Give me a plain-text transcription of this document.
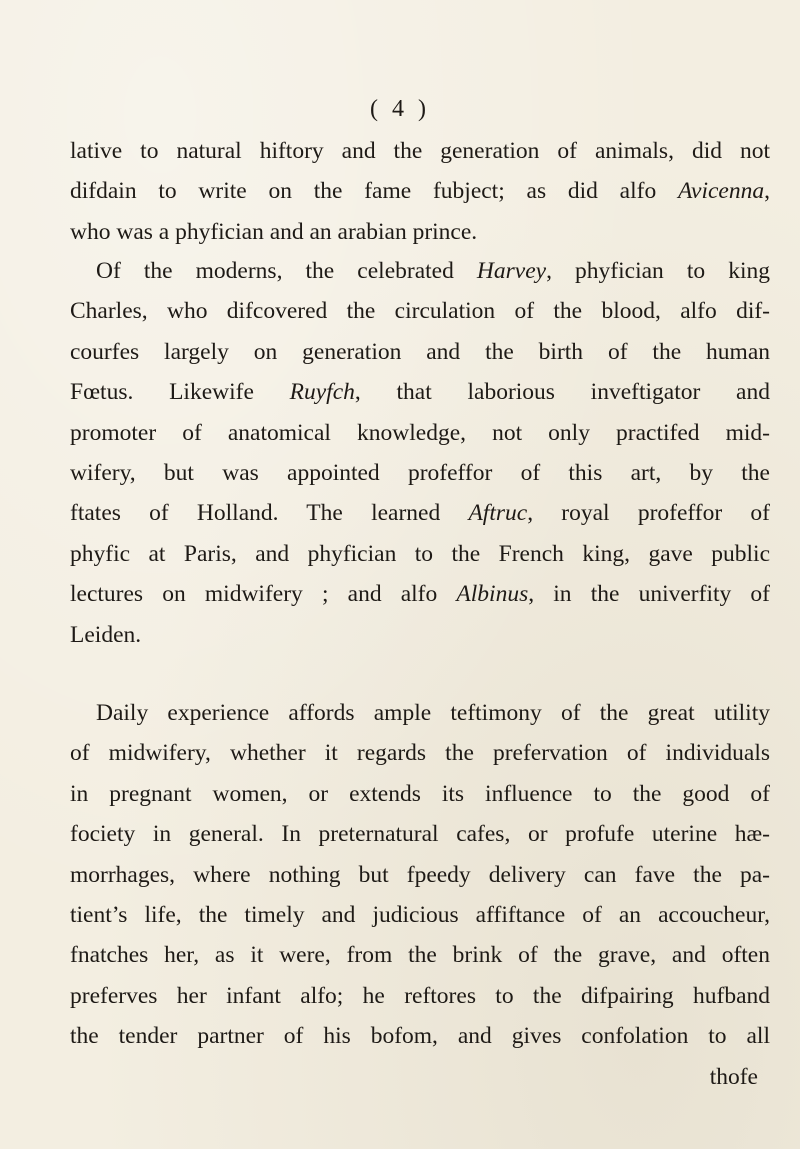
( 4 )

lative to natural hiftory and the generation of animals, did not
difdain to write on the fame fubject; as did alfo Avicenna,
who was a phyfician and an arabian prince.

Of the moderns, the celebrated Harvey, phyfician to king
Charles, who difcovered the circulation of the blood, alfo dif-
courfes largely on generation and the birth of the human
Fœtus. Likewife Ruyfch, that laborious inveftigator and
promoter of anatomical knowledge, not only practifed mid-
wifery, but was appointed profeffor of this art, by the
ftates of Holland. The learned Aftruc, royal profeffor of
phyfic at Paris, and phyfician to the French king, gave public
lectures on midwifery ; and alfo Albinus, in the univerfity of
Leiden.

Daily experience affords ample teftimony of the great utility
of midwifery, whether it regards the prefervation of individuals
in pregnant women, or extends its influence to the good of
fociety in general. In preternatural cafes, or profufe uterine hæ-
morrhages, where nothing but fpeedy delivery can fave the pa-
tient’s life, the timely and judicious affiftance of an accoucheur,
fnatches her, as it were, from the brink of the grave, and often
preferves her infant alfo; he reftores to the difpairing hufband
the tender partner of his bofom, and gives confolation to all
thofe
